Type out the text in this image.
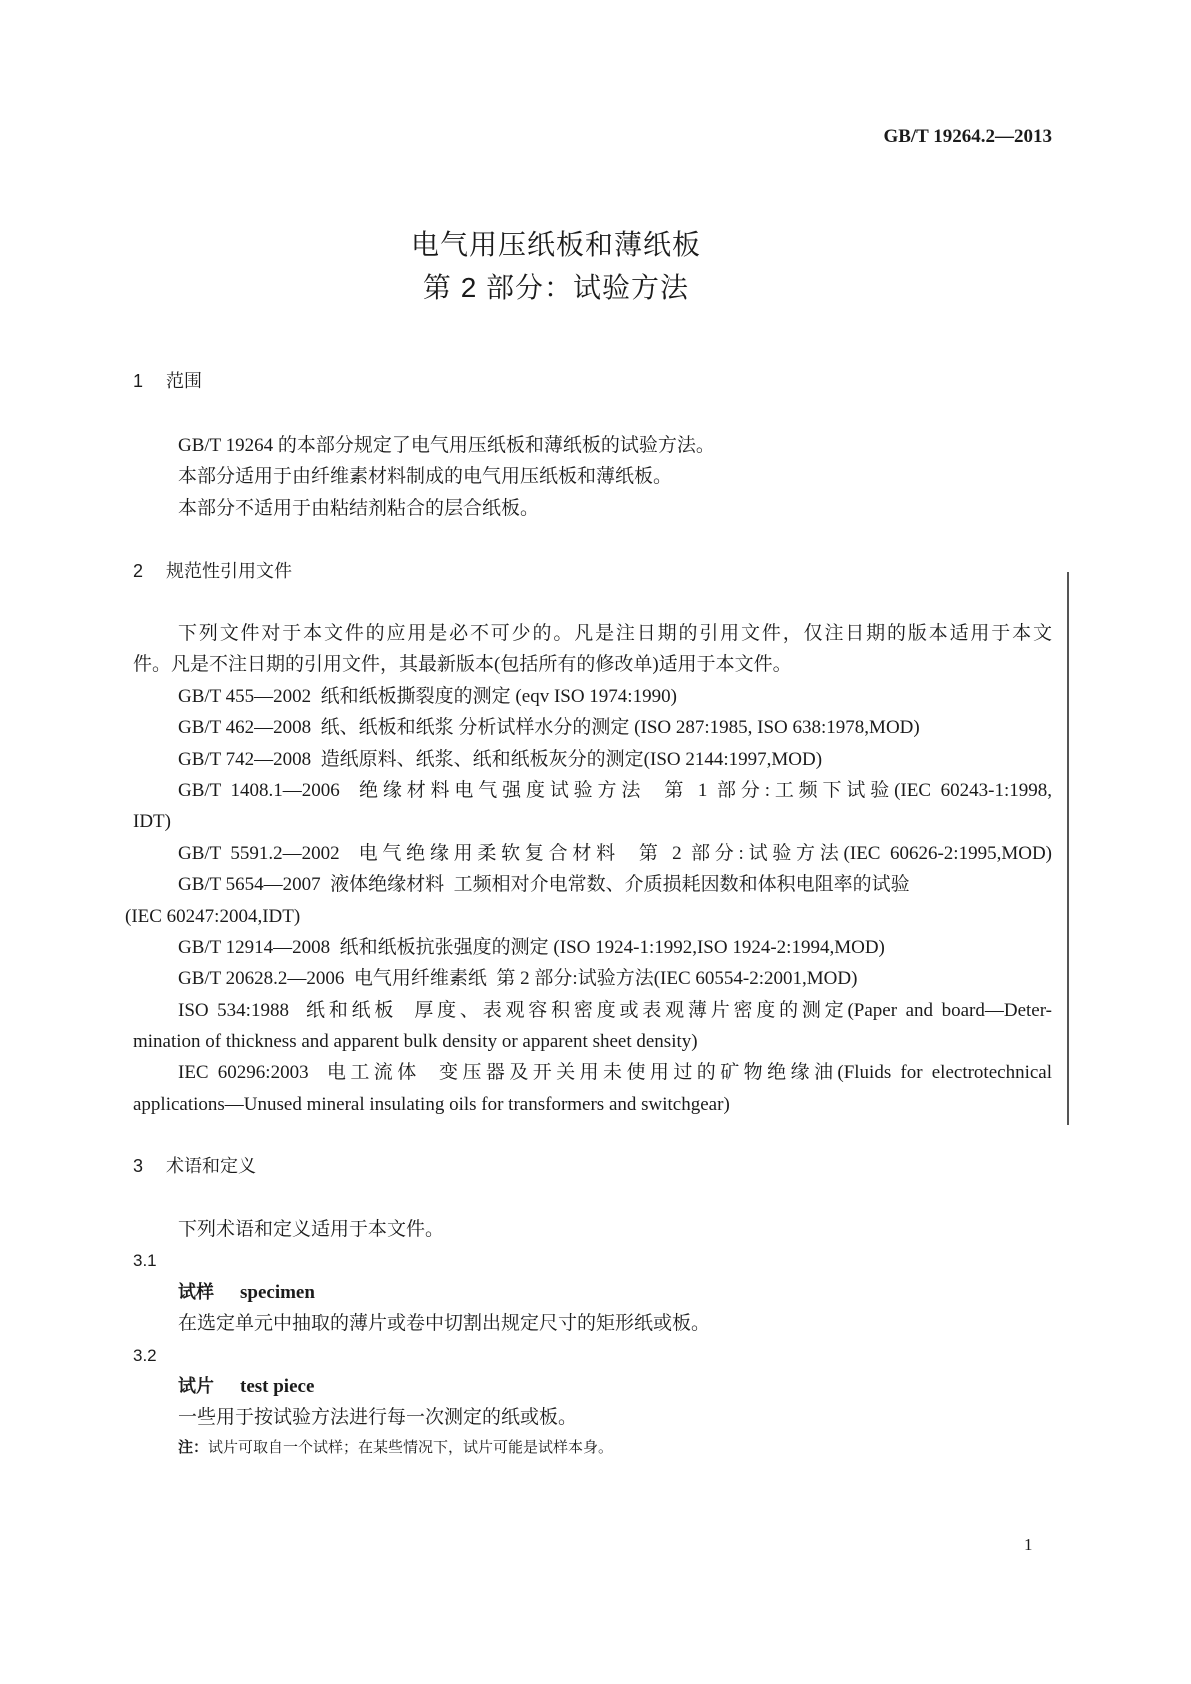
GB/T 19264.2—2013
电气用压纸板和薄纸板
第 2 部分：试验方法
1 范围
GB/T 19264 的本部分规定了电气用压纸板和薄纸板的试验方法。
本部分适用于由纤维素材料制成的电气用压纸板和薄纸板。
本部分不适用于由粘结剂粘合的层合纸板。
2 规范性引用文件
下列文件对于本文件的应用是必不可少的。凡是注日期的引用文件，仅注日期的版本适用于本文
件。凡是不注日期的引用文件，其最新版本(包括所有的修改单)适用于本文件。
GB/T 455—2002  纸和纸板撕裂度的测定 (eqv ISO 1974:1990)
GB/T 462—2008  纸、纸板和纸浆 分析试样水分的测定 (ISO 287:1985, ISO 638:1978,MOD)
GB/T 742—2008  造纸原料、纸浆、纸和纸板灰分的测定(ISO 2144:1997,MOD)
GB/T 1408.1—2006  绝缘材料电气强度试验方法  第 1 部分:工频下试验(IEC 60243-1:1998,
IDT)
GB/T 5591.2—2002  电气绝缘用柔软复合材料  第 2 部分:试验方法(IEC 60626-2:1995,MOD)
GB/T 5654—2007  液体绝缘材料  工频相对介电常数、介质损耗因数和体积电阻率的试验
(IEC 60247:2004,IDT)
GB/T 12914—2008  纸和纸板抗张强度的测定 (ISO 1924-1:1992,ISO 1924-2:1994,MOD)
GB/T 20628.2—2006  电气用纤维素纸  第 2 部分:试验方法(IEC 60554-2:2001,MOD)
ISO 534:1988  纸和纸板  厚度、表观容积密度或表观薄片密度的测定(Paper and board—Deter-
mination of thickness and apparent bulk density or apparent sheet density)
IEC 60296:2003  电工流体  变压器及开关用未使用过的矿物绝缘油(Fluids for electrotechnical
applications—Unused mineral insulating oils for transformers and switchgear)
3 术语和定义
下列术语和定义适用于本文件。
3.1
试样 specimen
在选定单元中抽取的薄片或卷中切割出规定尺寸的矩形纸或板。
3.2
试片 test piece
一些用于按试验方法进行每一次测定的纸或板。
注：试片可取自一个试样；在某些情况下，试片可能是试样本身。
1
